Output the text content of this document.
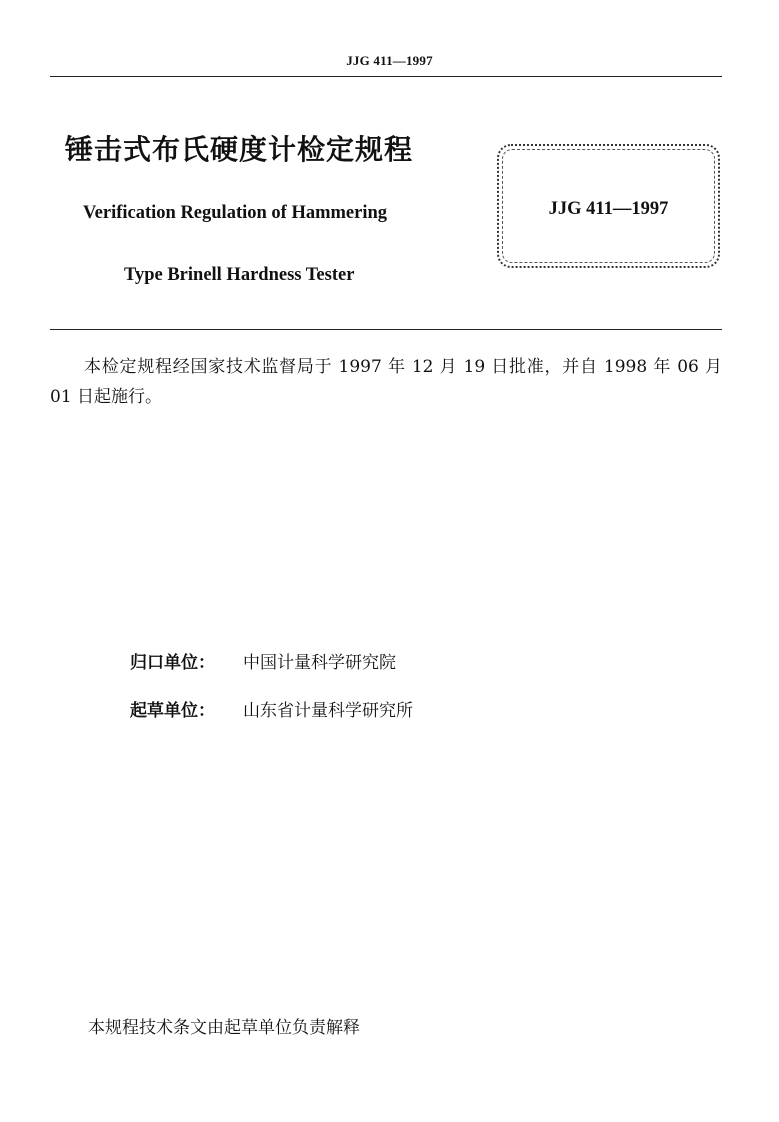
JJG 411—1997
锤击式布氏硬度计检定规程
Verification Regulation of Hammering
Type Brinell Hardness Tester
JJG 411—1997
本检定规程经国家技术监督局于 1997 年 12 月 19 日批准，并自 1998 年 06 月 01 日起施行。
归口单位： 中国计量科学研究院
起草单位： 山东省计量科学研究所
本规程技术条文由起草单位负责解释
